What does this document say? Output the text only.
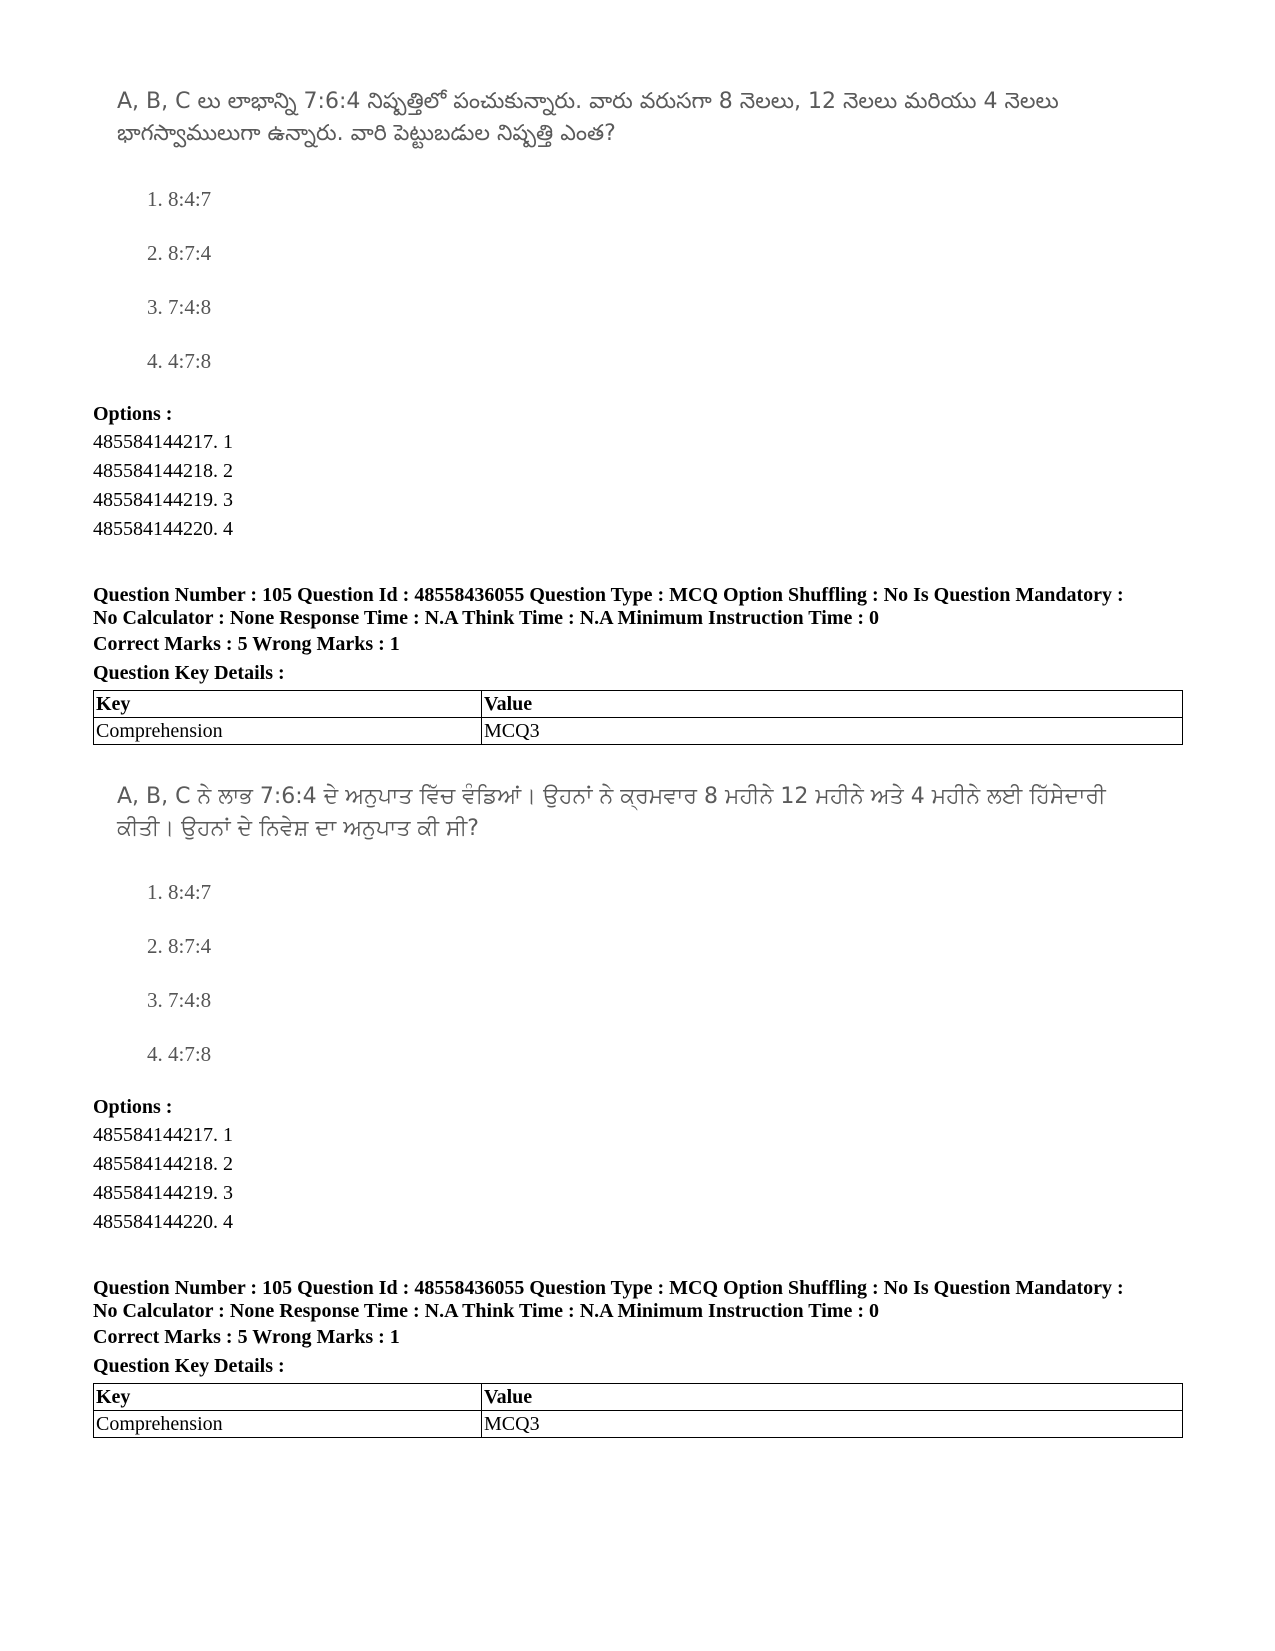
A, B, C లు లాభాన్ని 7:6:4 నిష్పత్తిలో పంచుకున్నారు. వారు వరుసగా 8 నెలలు, 12 నెలలు మరియు 4 నెలలు భాగస్వాములుగా ఉన్నారు. వారి పెట్టుబడుల నిష్పత్తి ఎంత?

1. 8:4:7
2. 8:7:4
3. 7:4:8
4. 4:7:8
Options :
485584144217. 1
485584144218. 2
485584144219. 3
485584144220. 4
Question Number : 105 Question Id : 48558436055 Question Type : MCQ Option Shuffling : No Is Question Mandatory :
No Calculator : None Response Time : N.A Think Time : N.A Minimum Instruction Time : 0
Correct Marks : 5 Wrong Marks : 1
Question Key Details :
Key	Value
Comprehension	MCQ3

A, B, C ਨੇ ਲਾਭ 7:6:4 ਦੇ ਅਨੁਪਾਤ ਵਿੱਚ ਵੰਡਿਆਂ। ਉਹਨਾਂ ਨੇ ਕ੍ਰਮਵਾਰ 8 ਮਹੀਨੇ 12 ਮਹੀਨੇ ਅਤੇ 4 ਮਹੀਨੇ ਲਈ ਹਿੱਸੇਦਾਰੀ ਕੀਤੀ। ਉਹਨਾਂ ਦੇ ਨਿਵੇਸ਼ ਦਾ ਅਨੁਪਾਤ ਕੀ ਸੀ?

1. 8:4:7
2. 8:7:4
3. 7:4:8
4. 4:7:8
Options :
485584144217. 1
485584144218. 2
485584144219. 3
485584144220. 4
Question Number : 105 Question Id : 48558436055 Question Type : MCQ Option Shuffling : No Is Question Mandatory :
No Calculator : None Response Time : N.A Think Time : N.A Minimum Instruction Time : 0
Correct Marks : 5 Wrong Marks : 1
Question Key Details :
Key	Value
Comprehension	MCQ3
